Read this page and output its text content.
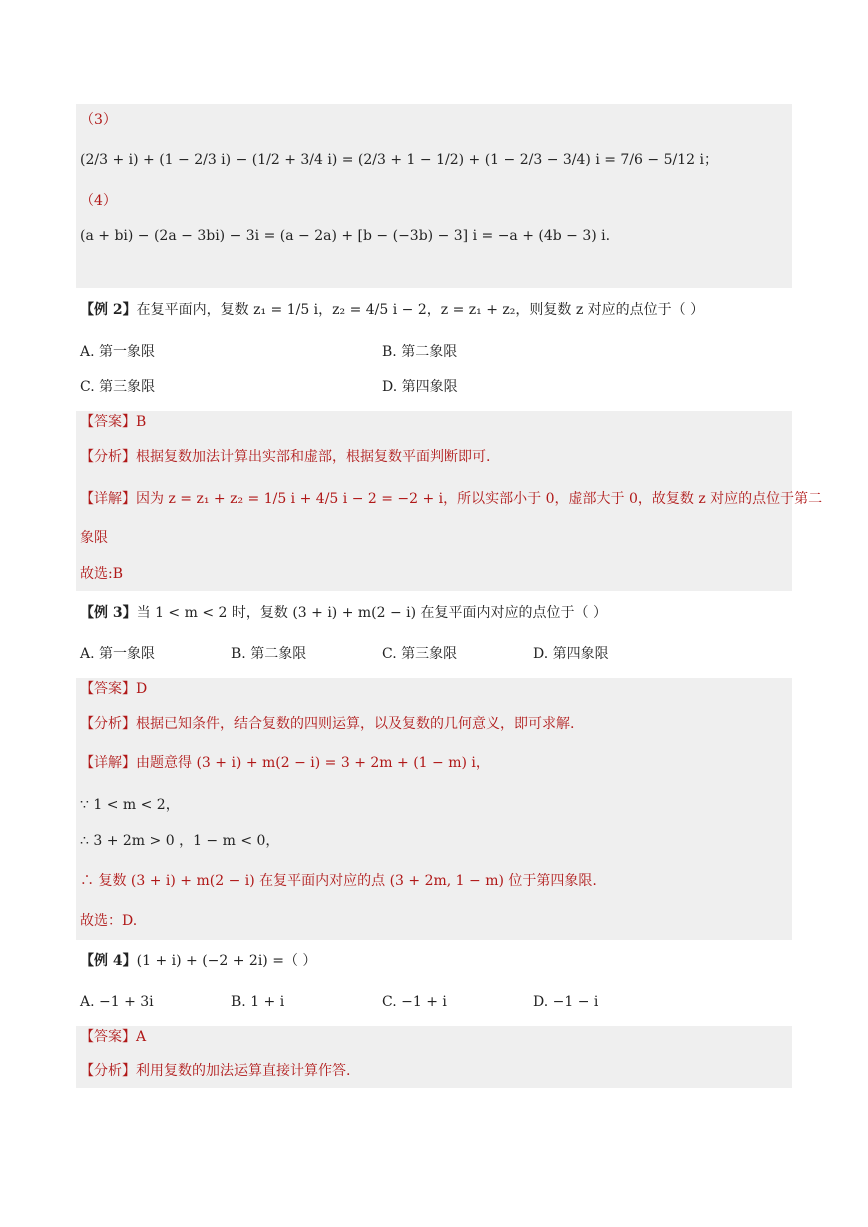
（3）
(2/3 + i) + (1 − 2/3 i) − (1/2 + 3/4 i) = (2/3 + 1 − 1/2) + (1 − 2/3 − 3/4) i = 7/6 − 5/12 i；
（4）
(a + bi) − (2a − 3bi) − 3i = (a − 2a) + [b − (−3b) − 3] i = −a + (4b − 3) i.
【例 2】在复平面内，复数 z₁ = 1/5 i，z₂ = 4/5 i − 2，z = z₁ + z₂，则复数 z 对应的点位于（ ）
A. 第一象限	B. 第二象限
C. 第三象限	D. 第四象限
【答案】B
【分析】根据复数加法计算出实部和虚部，根据复数平面判断即可.
【详解】因为 z = z₁ + z₂ = 1/5 i + 4/5 i − 2 = −2 + i，所以实部小于 0，虚部大于 0，故复数 z 对应的点位于第二
象限
故选:B
【例 3】当 1 < m < 2 时，复数 (3 + i) + m(2 − i) 在复平面内对应的点位于（ ）
A. 第一象限	B. 第二象限	C. 第三象限	D. 第四象限
【答案】D
【分析】根据已知条件，结合复数的四则运算，以及复数的几何意义，即可求解.
【详解】由题意得 (3 + i) + m(2 − i) = 3 + 2m + (1 − m) i，
∵ 1 < m < 2，
∴ 3 + 2m > 0 ，1 − m < 0，
∴ 复数 (3 + i) + m(2 − i) 在复平面内对应的点 (3 + 2m, 1 − m) 位于第四象限.
故选：D.
【例 4】(1 + i) + (−2 + 2i) =（ ）
A. −1 + 3i	B. 1 + i	C. −1 + i	D. −1 − i
【答案】A
【分析】利用复数的加法运算直接计算作答.
